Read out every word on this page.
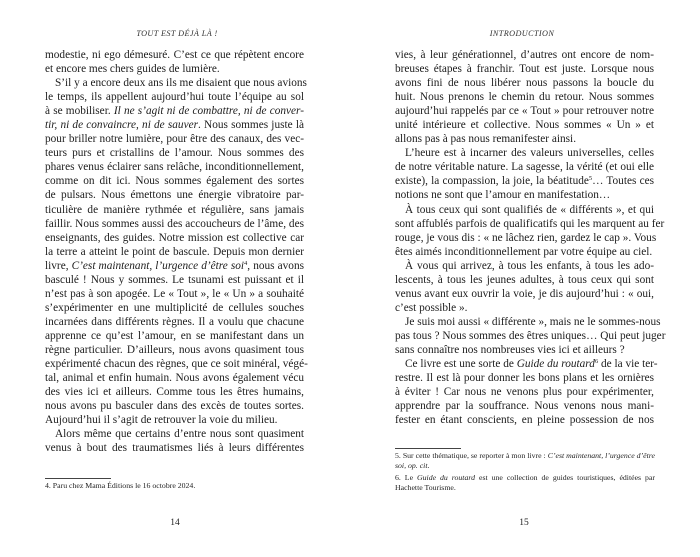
TOUT EST DÉJÀ LÀ !
modestie, ni ego démesuré. C’est ce que répètent encore
et encore mes chers guides de lumière.
S’il y a encore deux ans ils me disaient que nous avions
le temps, ils appellent aujourd’hui toute l’équipe au sol
à se mobiliser. Il ne s’agit ni de combattre, ni de conver-
tir, ni de convaincre, ni de sauver. Nous sommes juste là
pour briller notre lumière, pour être des canaux, des vec-
teurs purs et cristallins de l’amour. Nous sommes des
phares venus éclairer sans relâche, inconditionnellement,
comme on dit ici. Nous sommes également des sortes
de pulsars. Nous émettons une énergie vibratoire par-
ticulière de manière rythmée et régulière, sans jamais
faillir. Nous sommes aussi des accoucheurs de l’âme, des
enseignants, des guides. Notre mission est collective car
la terre a atteint le point de bascule. Depuis mon dernier
livre, C’est maintenant, l’urgence d’être soi$^4$, nous avons
basculé ! Nous y sommes. Le tsunami est puissant et il
n’est pas à son apogée. Le « Tout », le « Un » a souhaité
s’expérimenter en une multiplicité de cellules souches
incarnées dans différents règnes. Il a voulu que chacune
apprenne ce qu’est l’amour, en se manifestant dans un
règne particulier. D’ailleurs, nous avons quasiment tous
expérimenté chacun des règnes, que ce soit minéral, végé-
tal, animal et enfin humain. Nous avons également vécu
des vies ici et ailleurs. Comme tous les êtres humains,
nous avons pu basculer dans des excès de toutes sortes.
Aujourd’hui il s’agit de retrouver la voie du milieu.
Alors même que certains d’entre nous sont quasiment
venus à bout des traumatismes liés à leurs différentes
4. Paru chez Mama Éditions le 16 octobre 2024.
14
INTRODUCTION
vies, à leur générationnel, d’autres ont encore de nom-
breuses étapes à franchir. Tout est juste. Lorsque nous
avons fini de nous libérer nous passons la boucle du
huit. Nous prenons le chemin du retour. Nous sommes
aujourd’hui rappelés par ce « Tout » pour retrouver notre
unité intérieure et collective. Nous sommes « Un » et
allons pas à pas nous remanifester ainsi.
L’heure est à incarner des valeurs universelles, celles
de notre véritable nature. La sagesse, la vérité (et oui elle
existe), la compassion, la joie, la béatitude$^5$… Toutes ces
notions ne sont que l’amour en manifestation…
À tous ceux qui sont qualifiés de « différents », et qui
sont affublés parfois de qualificatifs qui les marquent au fer
rouge, je vous dis : « ne lâchez rien, gardez le cap ». Vous
êtes aimés inconditionnellement par votre équipe au ciel.
À vous qui arrivez, à tous les enfants, à tous les ado-
lescents, à tous les jeunes adultes, à tous ceux qui sont
venus avant eux ouvrir la voie, je dis aujourd’hui : « oui,
c’est possible ».
Je suis moi aussi « différente », mais ne le sommes-nous
pas tous ? Nous sommes des êtres uniques… Qui peut juger
sans connaître nos nombreuses vies ici et ailleurs ?
Ce livre est une sorte de Guide du routard$^6$ de la vie ter-
restre. Il est là pour donner les bons plans et les ornières
à éviter ! Car nous ne venons plus pour expérimenter,
apprendre par la souffrance. Nous venons nous mani-
fester en étant conscients, en pleine possession de nos
5. Sur cette thématique, se reporter à mon livre : C’est maintenant, l’urgence d’être soi, op. cit.
6. Le Guide du routard est une collection de guides touristiques, éditées par Hachette Tourisme.
15
